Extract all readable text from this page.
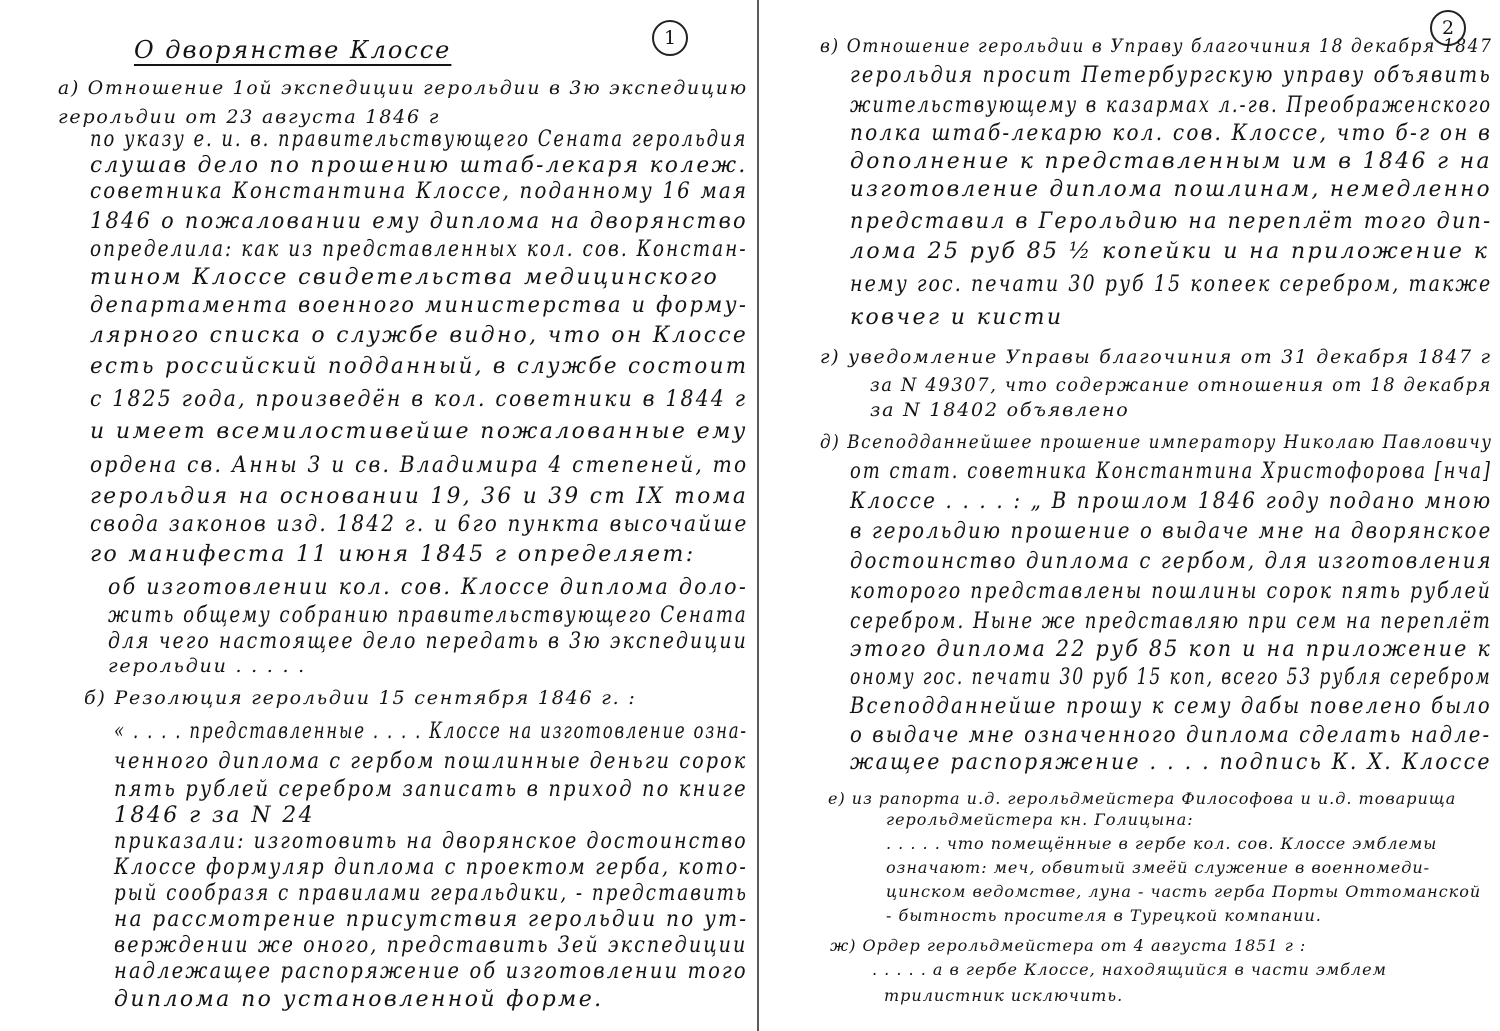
1
О дворянстве Клоссе
а) Отношение 1ой экспедиции герольдии в 3ю экспедицию
герольдии от 23 августа 1846 г
по указу е. и. в. правительствующего Сената герольдия
слушав дело по прошению штаб-лекаря колеж.
советника Константина Клоссе, поданному 16 мая
1846 о пожаловании ему диплома на дворянство
определила: как из представленных кол. сов. Констан-
тином Клоссе свидетельства медицинского
департамента военного министерства и форму-
лярного списка о службе видно, что он Клоссе
есть российский подданный, в службе состоит
с 1825 года, произведён в кол. советники в 1844 г
и имеет всемилостивейше пожалованные ему
ордена св. Анны 3 и св. Владимира 4 степеней, то
герольдия на основании 19, 36 и 39 ст IX тома
свода законов изд. 1842 г. и 6го пункта высочайше
го манифеста 11 июня 1845 г определяет:
об изготовлении кол. сов. Клоссе диплома доло-
жить общему собранию правительствующего Сената
для чего настоящее дело передать в 3ю экспедиции
герольдии . . . . .
б) Резолюция герольдии 15 сентября 1846 г. :
« . . . . представленные . . . . Клоссе на изготовление озна-
ченного диплома с гербом пошлинные деньги сорок
пять рублей серебром записать в приход по книге
1846 г за N 24
приказали: изготовить на дворянское достоинство
Клоссе формуляр диплома с проектом герба, кото-
рый сообразя с правилами геральдики, - представить
на рассмотрение присутствия герольдии по ут-
верждении же оного, представить 3ей экспедиции
надлежащее распоряжение об изготовлении того
диплома по установленной форме.
2
в) Отношение герольдии в Управу благочиния 18 декабря 1847
герольдия просит Петербургскую управу объявить
жительствующему в казармах л.-гв. Преображенского
полка штаб-лекарю кол. сов. Клоссе, что б-г он в
дополнение к представленным им в 1846 г на
изготовление диплома пошлинам, немедленно
представил в Герольдию на переплёт того дип-
лома 25 руб 85 ½ копейки и на приложение к
нему гос. печати 30 руб 15 копеек серебром, также
ковчег и кисти
г) уведомление Управы благочиния от 31 декабря 1847 г
за N 49307, что содержание отношения от 18 декабря
за N 18402 объявлено
д) Всеподданнейшее прошение императору Николаю Павловичу
от стат. советника Константина Христофорова [нча]
Клоссе . . . . : „ В прошлом 1846 году подано мною
в герольдию прошение о выдаче мне на дворянское
достоинство диплома с гербом, для изготовления
которого представлены пошлины сорок пять рублей
серебром. Ныне же представляю при сем на переплёт
этого диплома 22 руб 85 коп и на приложение к
оному гос. печати 30 руб 15 коп, всего 53 рубля серебром
Всеподданнейше прошу к сему дабы повелено было
о выдаче мне означенного диплома сделать надле-
жащее распоряжение . . . . подпись К. Х. Клоссе
е) из рапорта и.д. герольдмейстера Философова и и.д. товарища
герольдмейстера кн. Голицына:
. . . . . что помещённые в гербе кол. сов. Клоссе эмблемы
означают: меч, обвитый змеёй служение в военномеди-
цинском ведомстве, луна - часть герба Порты Оттоманской
- бытность просителя в Турецкой компании.
ж) Ордер герольдмейстера от 4 августа 1851 г :
. . . . . а в гербе Клоссе, находящийся в части эмблем
трилистник исключить.
